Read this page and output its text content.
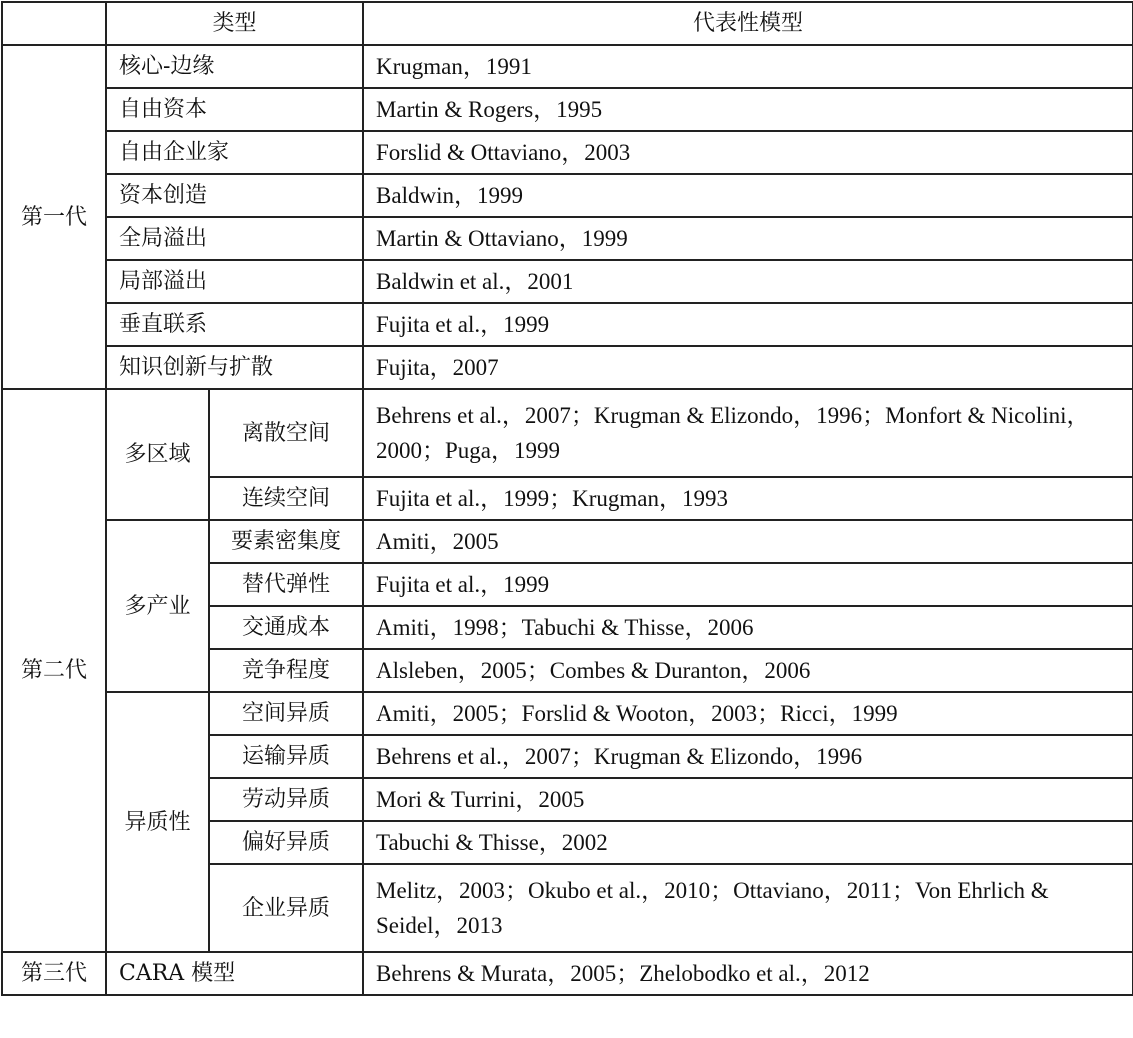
	类型		代表性模型
第一代	核心-边缘		Krugman，1991
	自由资本		Martin & Rogers，1995
	自由企业家		Forslid & Ottaviano，2003
	资本创造		Baldwin，1999
	全局溢出		Martin & Ottaviano，1999
	局部溢出		Baldwin et al.，2001
	垂直联系		Fujita et al.，1999
	知识创新与扩散		Fujita，2007
第二代	多区域	离散空间	Behrens et al.，2007；Krugman & Elizondo，1996；Monfort & Nicolini，2000；Puga，1999
		连续空间	Fujita et al.，1999；Krugman，1993
	多产业	要素密集度	Amiti，2005
		替代弹性	Fujita et al.，1999
		交通成本	Amiti，1998；Tabuchi & Thisse，2006
		竞争程度	Alsleben，2005；Combes & Duranton，2006
	异质性	空间异质	Amiti，2005；Forslid & Wooton，2003；Ricci，1999
		运输异质	Behrens et al.，2007；Krugman & Elizondo，1996
		劳动异质	Mori & Turrini，2005
		偏好异质	Tabuchi & Thisse，2002
		企业异质	Melitz，2003；Okubo et al.，2010；Ottaviano，2011；Von Ehrlich & Seidel，2013
第三代	CARA 模型		Behrens & Murata，2005；Zhelobodko et al.，2012
